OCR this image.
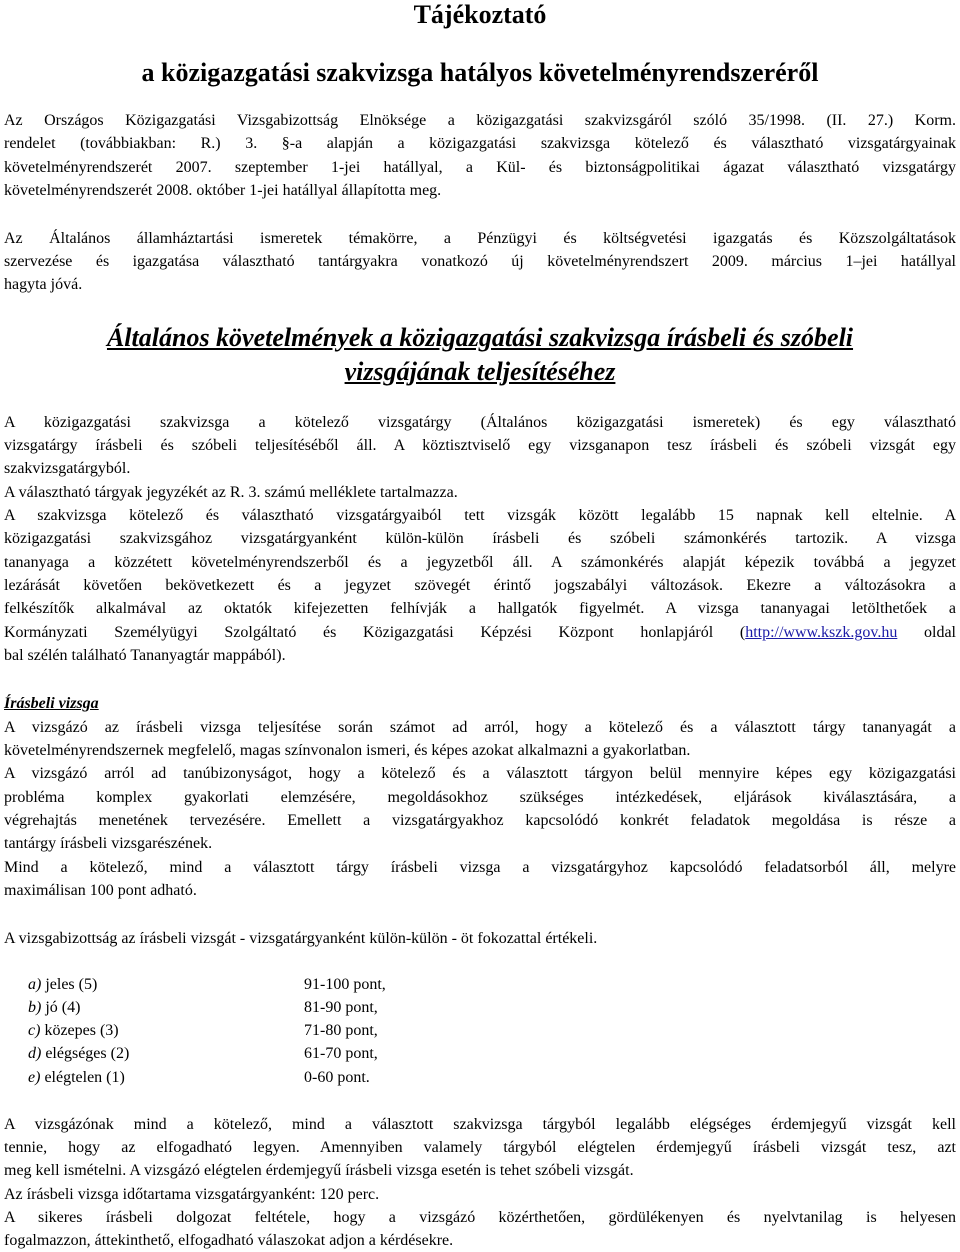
Tájékoztató
a közigazgatási szakvizsga hatályos követelményrendszeréről
Az Országos Közigazgatási Vizsgabizottság Elnöksége a közigazgatási szakvizsgáról szóló 35/1998. (II. 27.) Korm.
rendelet (továbbiakban: R.) 3. §-a alapján a közigazgatási szakvizsga kötelező és választható vizsgatárgyainak
követelményrendszerét 2007. szeptember 1-jei hatállyal, a Kül- és biztonságpolitikai ágazat választható vizsgatárgy
követelményrendszerét 2008. október 1-jei hatállyal állapította meg.
Az Általános államháztartási ismeretek témakörre, a Pénzügyi és költségvetési igazgatás és Közszolgáltatások
szervezése és igazgatása választható tantárgyakra vonatkozó új követelményrendszert 2009. március 1–jei hatállyal
hagyta jóvá.
Általános követelmények a közigazgatási szakvizsga írásbeli és szóbeli
vizsgájának teljesítéséhez
A közigazgatási szakvizsga a kötelező vizsgatárgy (Általános közigazgatási ismeretek) és egy választható
vizsgatárgy írásbeli és szóbeli teljesítéséből áll. A köztisztviselő egy vizsganapon tesz írásbeli és szóbeli vizsgát egy
szakvizsgatárgyból.
A választható tárgyak jegyzékét az R. 3. számú melléklete tartalmazza.
A szakvizsga kötelező és választható vizsgatárgyaiból tett vizsgák között legalább 15 napnak kell eltelnie. A
közigazgatási szakvizsgához vizsgatárgyanként külön-külön írásbeli és szóbeli számonkérés tartozik. A vizsga
tananyaga a közzétett követelményrendszerből és a jegyzetből áll. A számonkérés alapját képezik továbbá a jegyzet
lezárását követően bekövetkezett és a jegyzet szövegét érintő jogszabályi változások. Ekezre a változásokra a
felkészítők alkalmával az oktatók kifejezetten felhívják a hallgatók figyelmét. A vizsga tananyagai letölthetőek a
Kormányzati Személyügyi Szolgáltató és Közigazgatási Képzési Központ honlapjáról (http://www.kszk.gov.hu oldal
bal szélén található Tananyagtár mappából).
Írásbeli vizsga
A vizsgázó az írásbeli vizsga teljesítése során számot ad arról, hogy a kötelező és a választott tárgy tananyagát a
követelményrendszernek megfelelő, magas színvonalon ismeri, és képes azokat alkalmazni a gyakorlatban.
A vizsgázó arról ad tanúbizonyságot, hogy a kötelező és a választott tárgyon belül mennyire képes egy közigazgatási
probléma komplex gyakorlati elemzésére, megoldásokhoz szükséges intézkedések, eljárások kiválasztására, a
végrehajtás menetének tervezésére. Emellett a vizsgatárgyakhoz kapcsolódó konkrét feladatok megoldása is része a
tantárgy írásbeli vizsgarészének.
Mind a kötelező, mind a választott tárgy írásbeli vizsga a vizsgatárgyhoz kapcsolódó feladatsorból áll, melyre
maximálisan 100 pont adható.
A vizsgabizottság az írásbeli vizsgát - vizsgatárgyanként külön-külön - öt fokozattal értékeli.
a) jeles (5)	91-100 pont,
b) jó (4)	81-90 pont,
c) közepes (3)	71-80 pont,
d) elégséges (2)	61-70 pont,
e) elégtelen (1)	0-60 pont.
A vizsgázónak mind a kötelező, mind a választott szakvizsga tárgyból legalább elégséges érdemjegyű vizsgát kell
tennie, hogy az elfogadható legyen. Amennyiben valamely tárgyból elégtelen érdemjegyű írásbeli vizsgát tesz, azt
meg kell ismételni. A vizsgázó elégtelen érdemjegyű írásbeli vizsga esetén is tehet szóbeli vizsgát.
Az írásbeli vizsga időtartama vizsgatárgyanként: 120 perc.
A sikeres írásbeli dolgozat feltétele, hogy a vizsgázó közérthetően, gördülékenyen és nyelvtanilag is helyesen
fogalmazzon, áttekinthető, elfogadható válaszokat adjon a kérdésekre.
